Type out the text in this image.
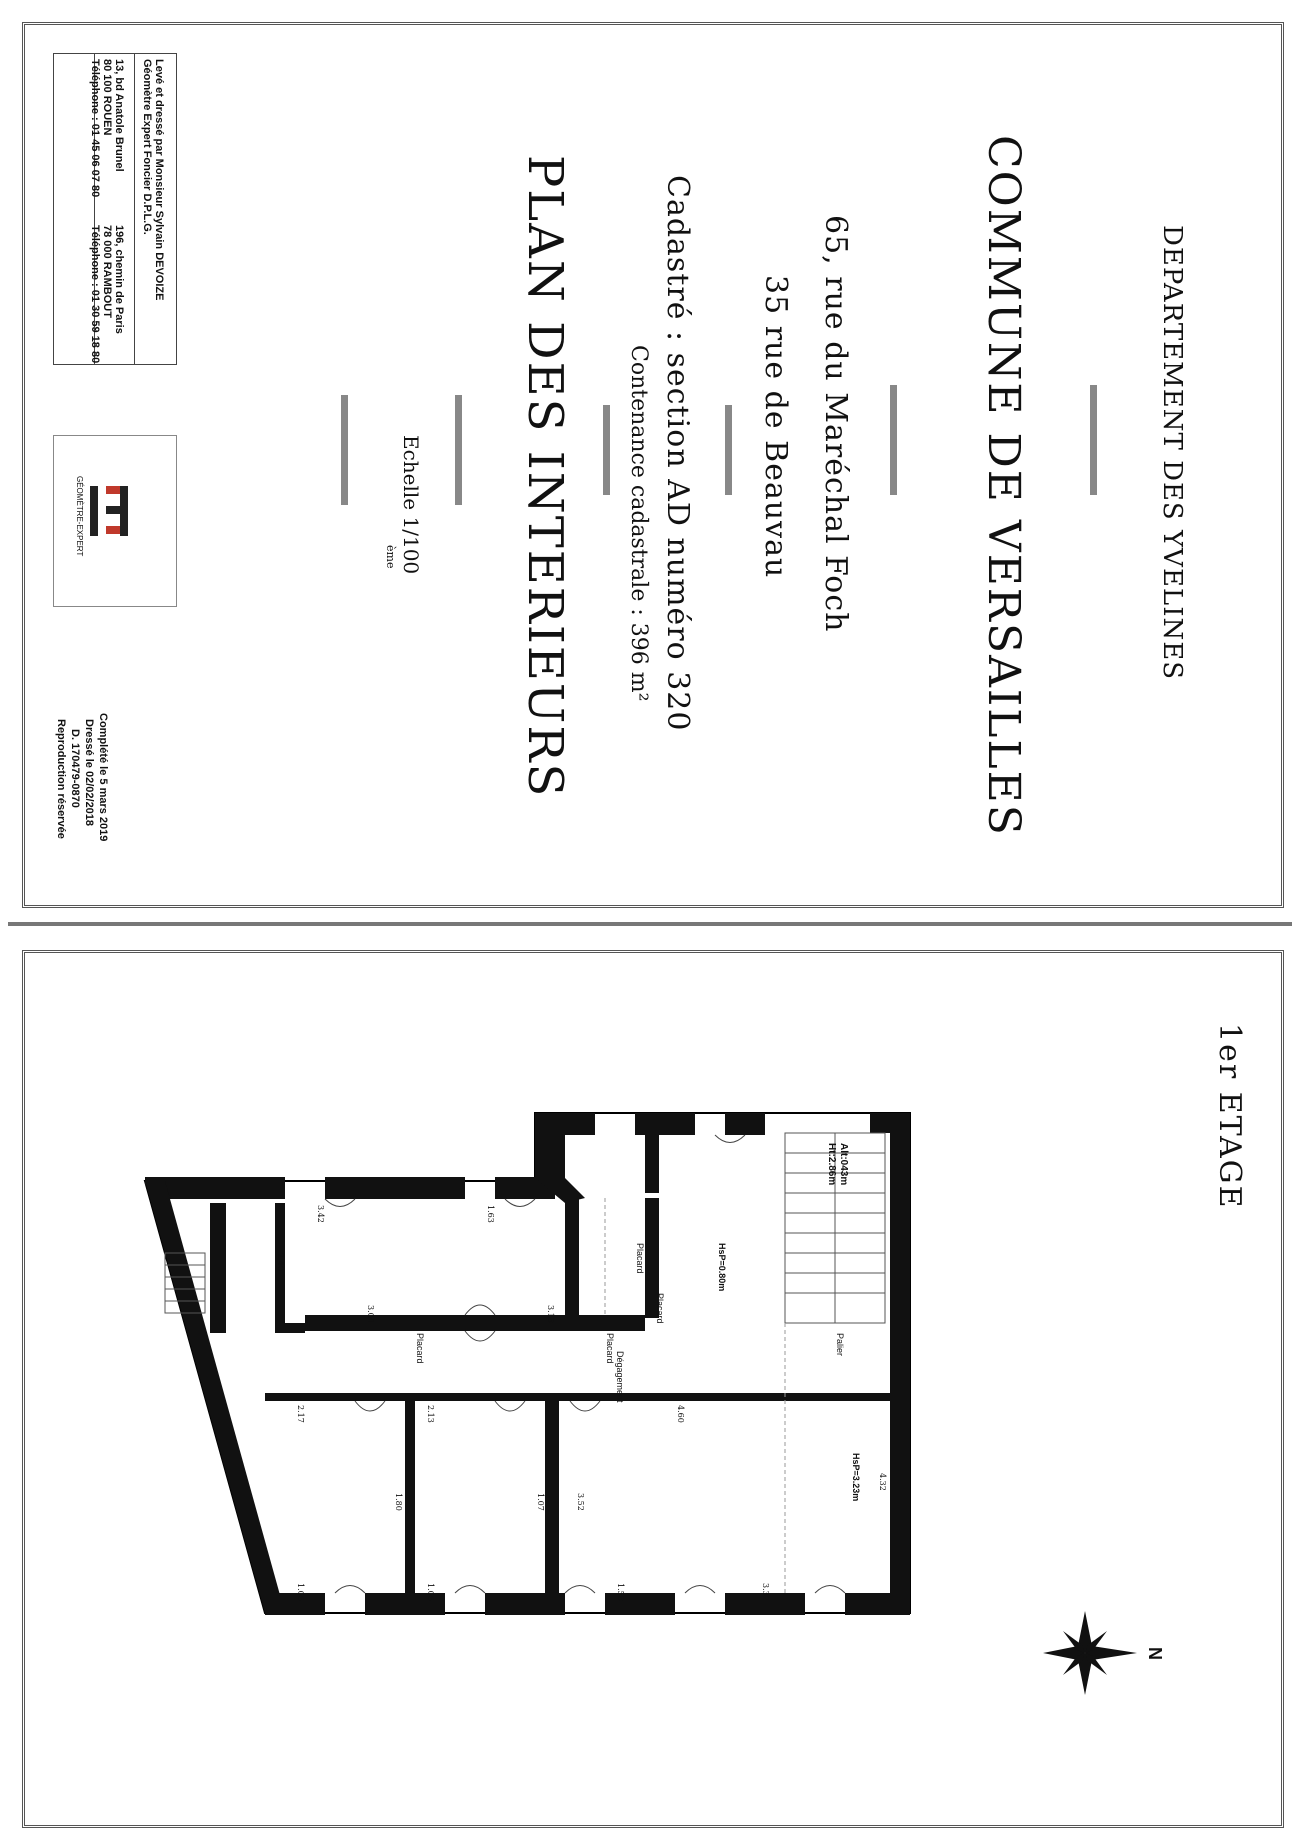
Levé et dressé par Monsieur Sylvain DEVOIZE
Géomètre Expert Foncier D.P.L.G.
13, bd Anatole Brunel
80 100 ROUEN
Téléphone : 01 45 06 07 80
196, chemin de Paris
78 000 RAMBOUT
Téléphone : 01 30 59 18 80
GÉOMÈTRE-EXPERT
Complété le 5 mars 2019
Dressé le 02/02/2018
D. 170479-0870
Reproduction réservée
DEPARTEMENT DES YVELINES
COMMUNE DE VERSAILLES
65, rue du Maréchal Foch
35 rue de Beauvau
Cadastré : section AD numéro 320
Contenance cadastrale : 396 m²
PLAN DES INTERIEURS
Echelle 1/100
ème
1er ETAGE
N
Alt:043m
Ht:2.86m
Placard
Placard
Placard	Placard	Palier
Dégagement
HsP=0.80m
HsP=3.23m
3.42	1.63
3.04	3.18
2.17	2.13	4.60
1.06	1.06	1.58	3.32
4.32
2.40
1.80	1.07	3.52
